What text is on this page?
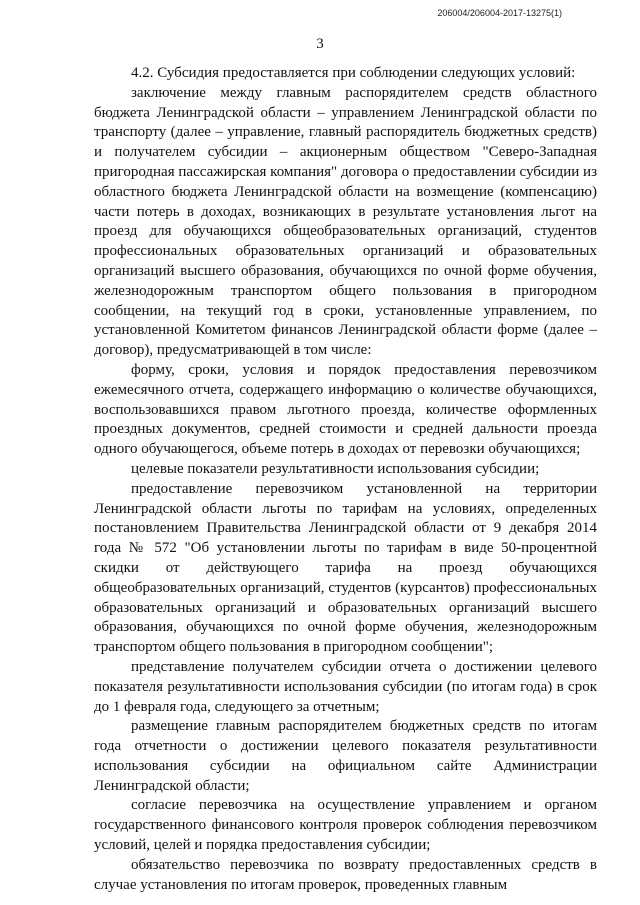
206004/206004-2017-13275(1)
3

4.2. Субсидия предоставляется при соблюдении следующих условий:

заключение между главным распорядителем средств областного бюджета Ленинградской области – управлением Ленинградской области по транспорту (далее – управление, главный распорядитель бюджетных средств) и получателем субсидии – акционерным обществом "Северо-Западная пригородная пассажирская компания" договора о предоставлении субсидии из областного бюджета Ленинградской области на возмещение (компенсацию) части потерь в доходах, возникающих в результате установления льгот на проезд для обучающихся общеобразовательных организаций, студентов профессиональных образовательных организаций и образовательных организаций высшего образования, обучающихся по очной форме обучения, железнодорожным транспортом общего пользования в пригородном сообщении, на текущий год в сроки, установленные управлением, по установленной Комитетом финансов Ленинградской области форме (далее – договор), предусматривающей в том числе:

форму, сроки, условия и порядок предоставления перевозчиком ежемесячного отчета, содержащего информацию о количестве обучающихся, воспользовавшихся правом льготного проезда, количестве оформленных проездных документов, средней стоимости и средней дальности проезда одного обучающегося, объеме потерь в доходах от перевозки обучающихся;

целевые показатели результативности использования субсидии;

предоставление перевозчиком установленной на территории Ленинградской области льготы по тарифам на условиях, определенных постановлением Правительства Ленинградской области от 9 декабря 2014 года № 572 "Об установлении льготы по тарифам в виде 50-процентной скидки от действующего тарифа на проезд обучающихся общеобразовательных организаций, студентов (курсантов) профессиональных образовательных организаций и образовательных организаций высшего образования, обучающихся по очной форме обучения, железнодорожным транспортом общего пользования в пригородном сообщении";

представление получателем субсидии отчета о достижении целевого показателя результативности использования субсидии (по итогам года) в срок до 1 февраля года, следующего за отчетным;

размещение главным распорядителем бюджетных средств по итогам года отчетности о достижении целевого показателя результативности использования субсидии на официальном сайте Администрации Ленинградской области;

согласие перевозчика на осуществление управлением и органом государственного финансового контроля проверок соблюдения перевозчиком условий, целей и порядка предоставления субсидии;

обязательство перевозчика по возврату предоставленных средств в случае установления по итогам проверок, проведенных главным
